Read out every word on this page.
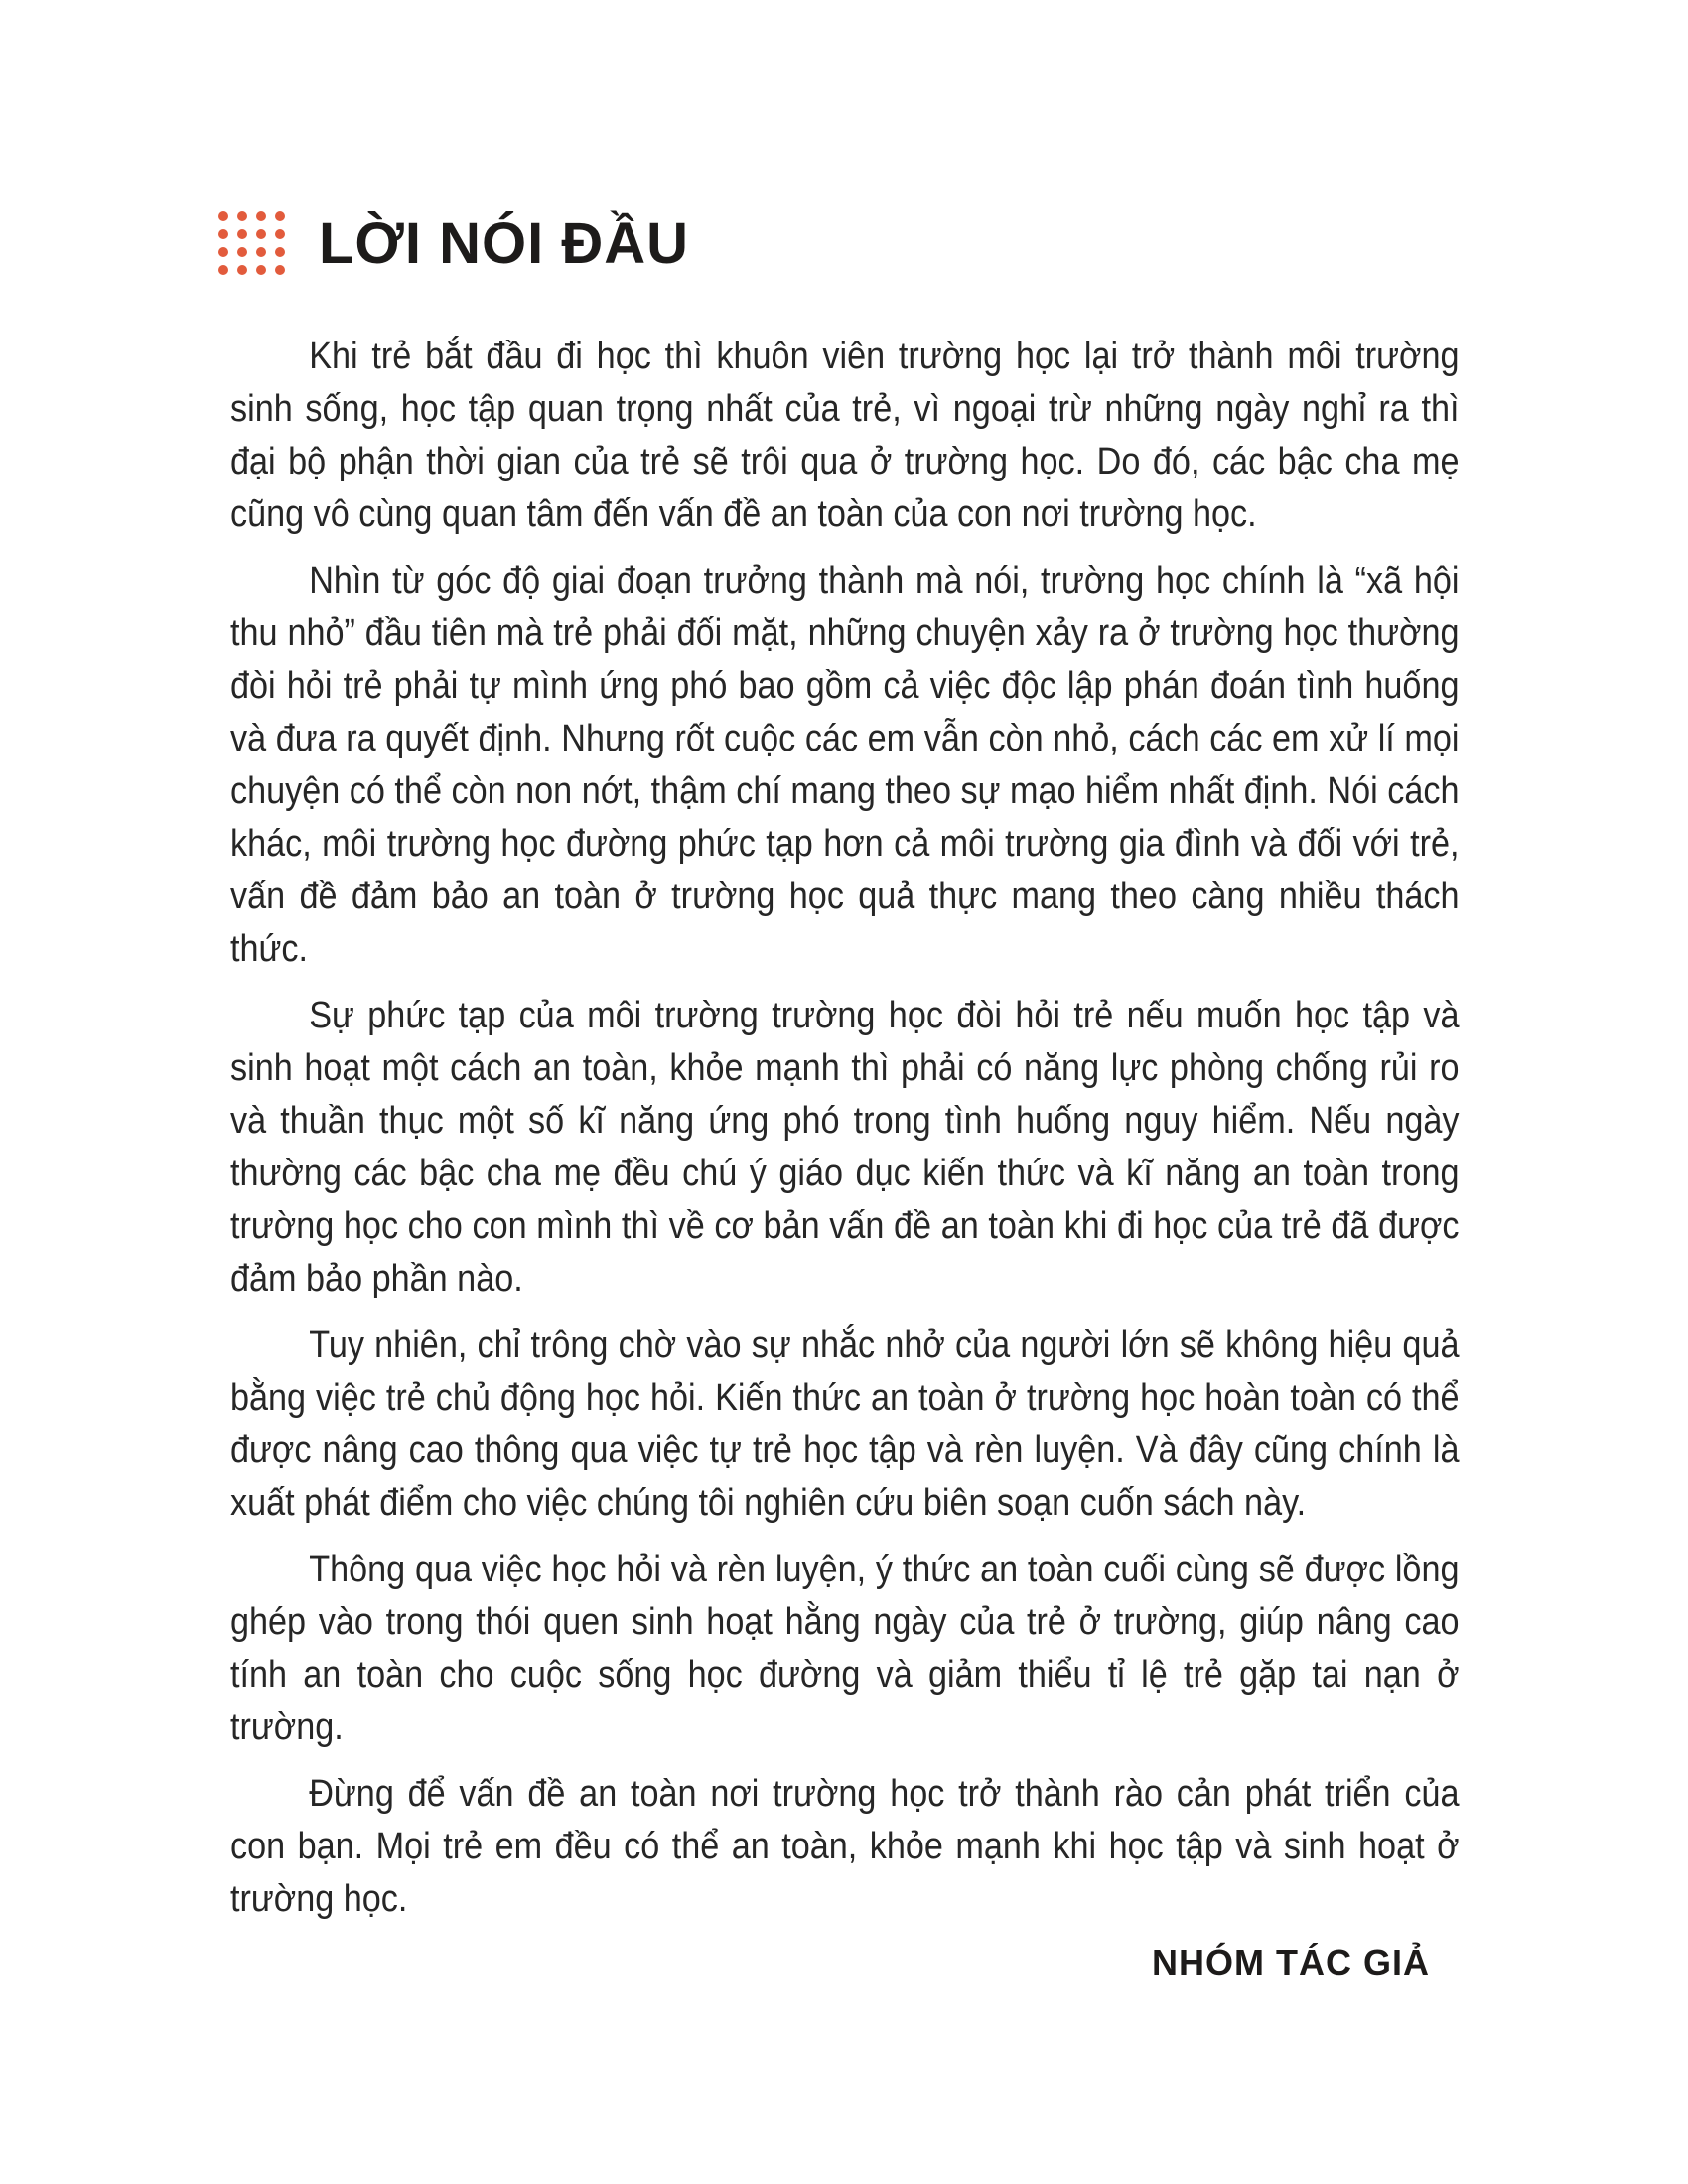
LỜI NÓI ĐẦU

Khi trẻ bắt đầu đi học thì khuôn viên trường học lại trở thành môi trường sinh sống, học tập quan trọng nhất của trẻ, vì ngoại trừ những ngày nghỉ ra thì đại bộ phận thời gian của trẻ sẽ trôi qua ở trường học. Do đó, các bậc cha mẹ cũng vô cùng quan tâm đến vấn đề an toàn của con nơi trường học.

Nhìn từ góc độ giai đoạn trưởng thành mà nói, trường học chính là “xã hội thu nhỏ” đầu tiên mà trẻ phải đối mặt, những chuyện xảy ra ở trường học thường đòi hỏi trẻ phải tự mình ứng phó bao gồm cả việc độc lập phán đoán tình huống và đưa ra quyết định. Nhưng rốt cuộc các em vẫn còn nhỏ, cách các em xử lí mọi chuyện có thể còn non nớt, thậm chí mang theo sự mạo hiểm nhất định. Nói cách khác, môi trường học đường phức tạp hơn cả môi trường gia đình và đối với trẻ, vấn đề đảm bảo an toàn ở trường học quả thực mang theo càng nhiều thách thức.

Sự phức tạp của môi trường trường học đòi hỏi trẻ nếu muốn học tập và sinh hoạt một cách an toàn, khỏe mạnh thì phải có năng lực phòng chống rủi ro và thuần thục một số kĩ năng ứng phó trong tình huống nguy hiểm. Nếu ngày thường các bậc cha mẹ đều chú ý giáo dục kiến thức và kĩ năng an toàn trong trường học cho con mình thì về cơ bản vấn đề an toàn khi đi học của trẻ đã được đảm bảo phần nào.

Tuy nhiên, chỉ trông chờ vào sự nhắc nhở của người lớn sẽ không hiệu quả bằng việc trẻ chủ động học hỏi. Kiến thức an toàn ở trường học hoàn toàn có thể được nâng cao thông qua việc tự trẻ học tập và rèn luyện. Và đây cũng chính là xuất phát điểm cho việc chúng tôi nghiên cứu biên soạn cuốn sách này.

Thông qua việc học hỏi và rèn luyện, ý thức an toàn cuối cùng sẽ được lồng ghép vào trong thói quen sinh hoạt hằng ngày của trẻ ở trường, giúp nâng cao tính an toàn cho cuộc sống học đường và giảm thiểu tỉ lệ trẻ gặp tai nạn ở trường.

Đừng để vấn đề an toàn nơi trường học trở thành rào cản phát triển của con bạn. Mọi trẻ em đều có thể an toàn, khỏe mạnh khi học tập và sinh hoạt ở trường học.

NHÓM TÁC GIẢ
